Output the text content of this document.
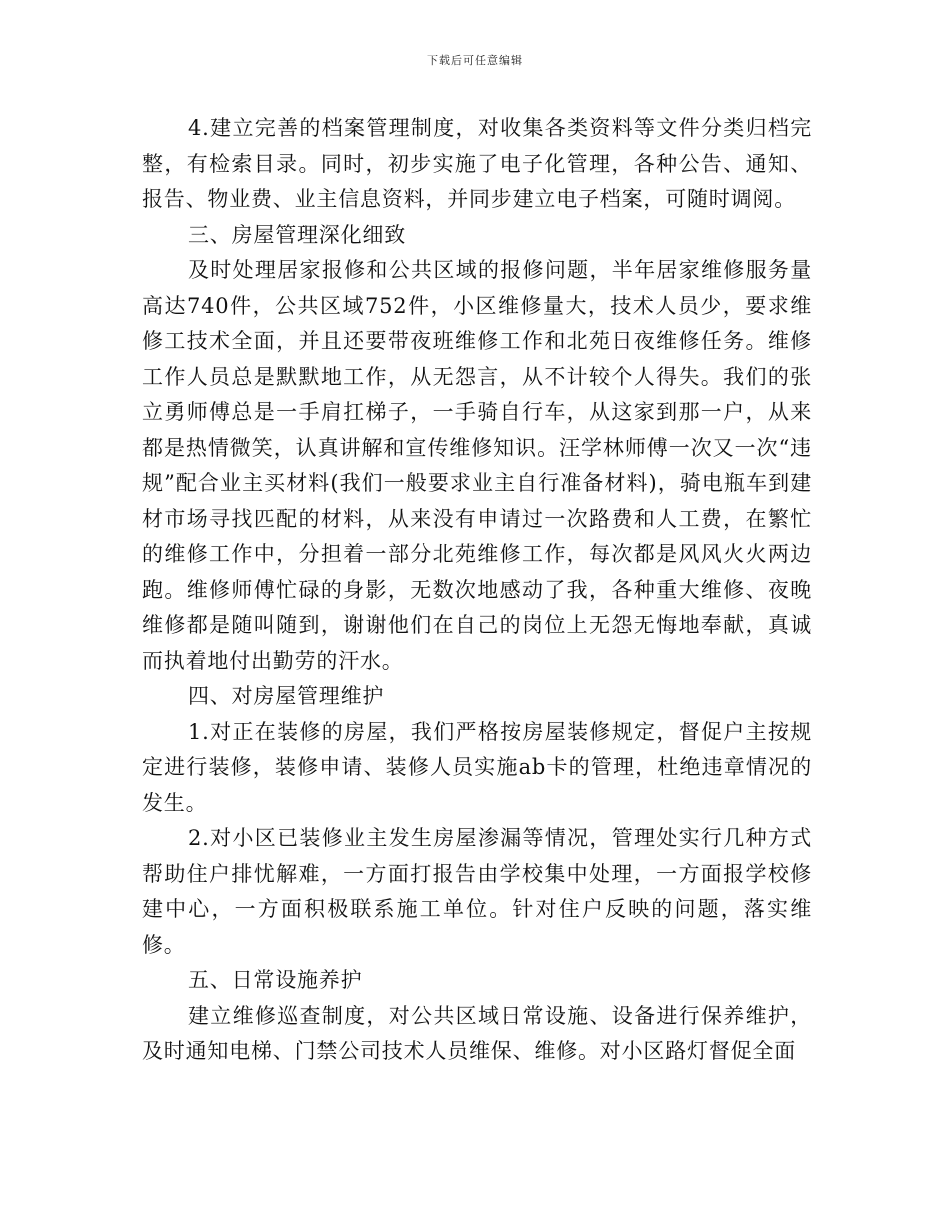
下载后可任意编辑

4.建立完善的档案管理制度，对收集各类资料等文件分类归档完整，有检索目录。同时，初步实施了电子化管理，各种公告、通知、报告、物业费、业主信息资料，并同步建立电子档案，可随时调阅。

三、房屋管理深化细致

及时处理居家报修和公共区域的报修问题，半年居家维修服务量高达740件，公共区域752件，小区维修量大，技术人员少，要求维修工技术全面，并且还要带夜班维修工作和北苑日夜维修任务。维修工作人员总是默默地工作，从无怨言，从不计较个人得失。我们的张立勇师傅总是一手肩扛梯子，一手骑自行车，从这家到那一户，从来都是热情微笑，认真讲解和宣传维修知识。汪学林师傅一次又一次“违规”配合业主买材料(我们一般要求业主自行准备材料)，骑电瓶车到建材市场寻找匹配的材料，从来没有申请过一次路费和人工费，在繁忙的维修工作中，分担着一部分北苑维修工作，每次都是风风火火两边跑。维修师傅忙碌的身影，无数次地感动了我，各种重大维修、夜晚维修都是随叫随到，谢谢他们在自己的岗位上无怨无悔地奉献，真诚而执着地付出勤劳的汗水。

四、对房屋管理维护

1.对正在装修的房屋，我们严格按房屋装修规定，督促户主按规定进行装修，装修申请、装修人员实施ab卡的管理，杜绝违章情况的发生。

2.对小区已装修业主发生房屋渗漏等情况，管理处实行几种方式帮助住户排忧解难，一方面打报告由学校集中处理，一方面报学校修建中心，一方面积极联系施工单位。针对住户反映的问题，落实维修。

五、日常设施养护

建立维修巡查制度，对公共区域日常设施、设备进行保养维护，及时通知电梯、门禁公司技术人员维保、维修。对小区路灯督促全面
